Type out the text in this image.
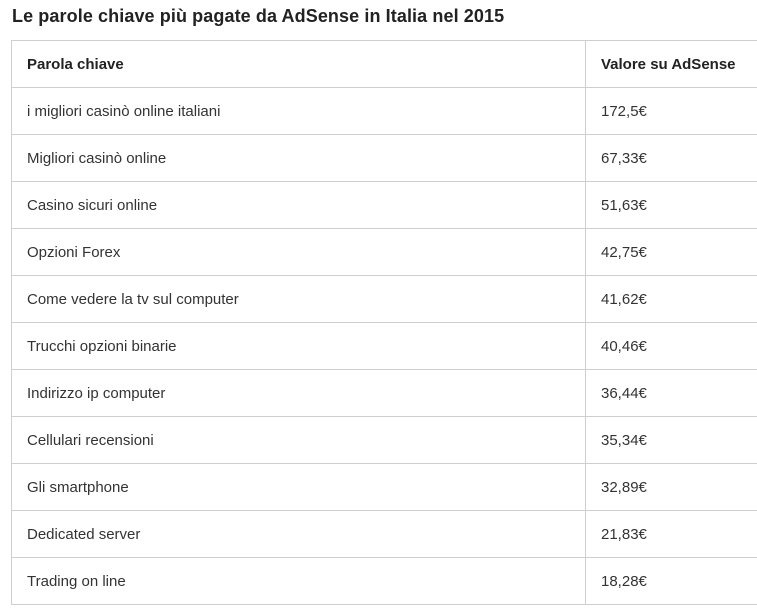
Le parole chiave più pagate da AdSense in Italia nel 2015
Parola chiave	Valore su AdSense
i migliori casinò online italiani	172,5€
Migliori casinò online	67,33€
Casino sicuri online	51,63€
Opzioni Forex	42,75€
Come vedere la tv sul computer	41,62€
Trucchi opzioni binarie	40,46€
Indirizzo ip computer	36,44€
Cellulari recensioni	35,34€
Gli smartphone	32,89€
Dedicated server	21,83€
Trading on line	18,28€
